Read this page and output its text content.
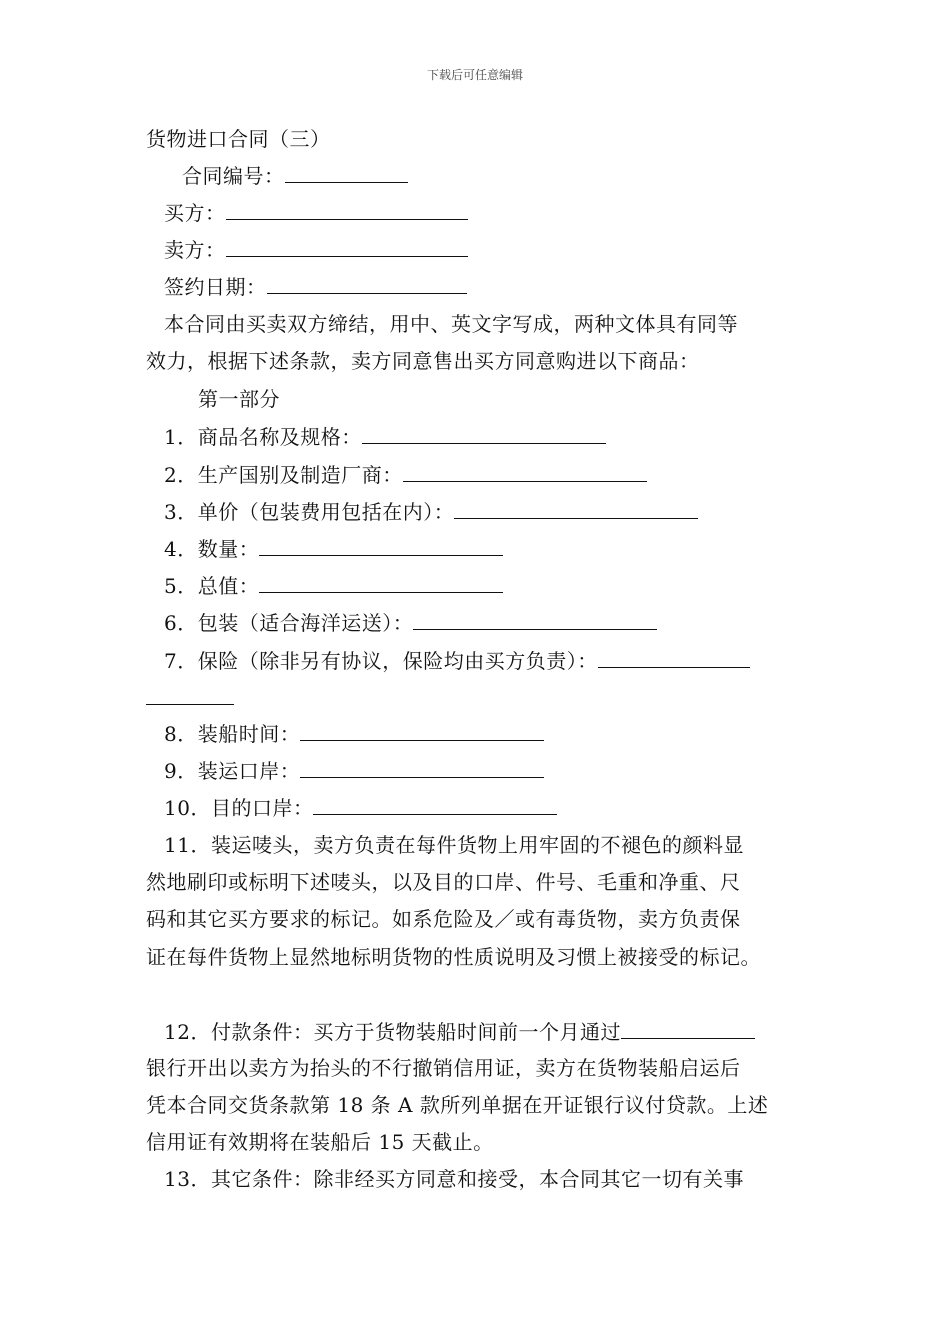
下载后可任意编辑
货物进口合同（三）
合同编号：
买方：
卖方：
签约日期：
本合同由买卖双方缔结，用中、英文字写成，两种文体具有同等
效力，根据下述条款，卖方同意售出买方同意购进以下商品：
第一部分
1．商品名称及规格：
2．生产国别及制造厂商：
3．单价（包装费用包括在内）：
4．数量：
5．总值：
6．包装（适合海洋运送）：
7．保险（除非另有协议，保险均由买方负责）：
8．装船时间：
9．装运口岸：
10．目的口岸：
11．装运唛头，卖方负责在每件货物上用牢固的不褪色的颜料显
然地刷印或标明下述唛头，以及目的口岸、件号、毛重和净重、尺
码和其它买方要求的标记。如系危险及／或有毒货物，卖方负责保
证在每件货物上显然地标明货物的性质说明及习惯上被接受的标记。
12．付款条件：买方于货物装船时间前一个月通过
银行开出以卖方为抬头的不行撤销信用证，卖方在货物装船启运后
凭本合同交货条款第 18 条 A 款所列单据在开证银行议付贷款。上述
信用证有效期将在装船后 15 天截止。
13．其它条件：除非经买方同意和接受，本合同其它一切有关事
